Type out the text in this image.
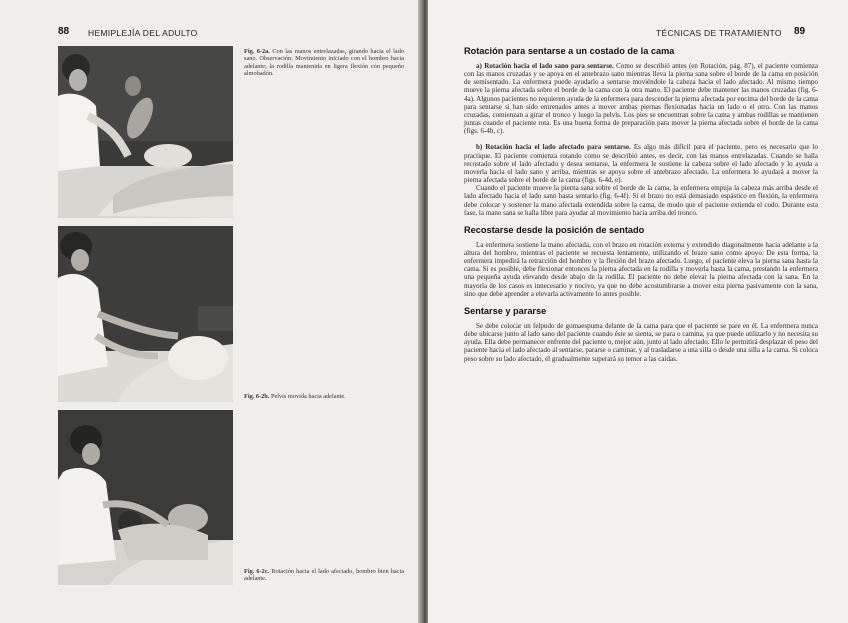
88 HEMIPLEJÍA DEL ADULTO
Fig. 6-2a. Con las manos entrelazadas, girando hacia el lado sano. Observación: Movimiento iniciado con el hombro hacia adelante; la rodilla mantenida en ligera flexión con pequeño almohadón.
Fig. 6-2b. Pelvis movida hacia adelante.
Fig. 6-2c. Rotación hacia el lado afectado, hombro bien hacia adelante.
TÉCNICAS DE TRATAMIENTO 89
Rotación para sentarse a un costado de la cama

a) Rotación hacia el lado sano para sentarse. Como se describió antes (en Rotación, pág. 87), el paciente comienza con las manos cruzadas y se apoya en el antebrazo sano mientras lleva la pierna sana sobre el borde de la cama en posición de semisentado. La enfermera puede ayudarlo a sentarse moviéndole la cabeza hacia el lado afectado. Al mismo tiempo mueve la pierna afectada sobre el borde de la cama con la otra mano. El paciente debe mantener las manos cruzadas (fig. 6-4a). Algunos pacientes no requieren ayuda de la enfermera para descender la pierna afectada por encima del borde de la cama para sentarse si han sido entrenados antes a mover ambas piernas flexionadas hacia un lado o el otro. Con las manos cruzadas, comienzan a girar el tronco y luego la pelvis. Los pies se encuentran sobre la cama y ambas rodillas se mantienen juntas cuando el paciente rota. Es una buena forma de preparación para mover la pierna afectada sobre el borde de la cama (figs. 6-4b, c).

b) Rotación hacia el lado afectado para sentarse. Es algo más difícil para el paciente, pero es necesario que lo practique. El paciente comienza rotando como se describió antes, es decir, con las manos entrelazadas. Cuando se halla recostado sobre el lado afectado y desea sentarse, la enfermera le sostiene la cabeza sobre el lado afectado y lo ayuda a moverla hacia el lado sano y arriba, mientras se apoya sobre el antebrazo afectado. La enfermera lo ayudará a mover la pierna afectada sobre el borde de la cama (figs. 6-4d, e).

Cuando el paciente mueve la pierna sana sobre el borde de la cama, la enfermera empuja la cabeza más arriba desde el lado afectado hacia el lado sano hasta sentarlo (fig. 6-4f). Si el brazo no está demasiado espástico en flexión, la enfermera debe colocar y sostener la mano afectada extendida sobre la cama, de modo que el paciente extienda el codo. Durante esta fase, la mano sana se halla libre para ayudar al movimiento hacia arriba del tronco.

Recostarse desde la posición de sentado

La enfermera sostiene la mano afectada, con el brazo en rotación externa y extendido diagonalmente hacia adelante a la altura del hombro, mientras el paciente se recuesta lentamente, utilizando el brazo sano como apoyo. De esta forma, la enfermera impedirá la retracción del hombro y la flexión del brazo afectado. Luego, el paciente eleva la pierna sana hasta la cama. Si es posible, debe flexionar entonces la pierna afectada en la rodilla y moverla hasta la cama, prestando la enfermera una pequeña ayuda elevando desde abajo de la rodilla. El paciente no debe elevar la pierna afectada con la sana. En la mayoría de los casos es innecesario y nocivo, ya que no debe acostumbrarse a mover esta pierna pasivamente con la sana, sino que debe aprender a elevarla activamente lo antes posible.

Sentarse y pararse

Se debe colocar un felpudo de gomaespuma delante de la cama para que el paciente se pare en él. La enfermera nunca debe ubicarse junto al lado sano del paciente cuando éste se sienta, se para o camina, ya que puede utilizarlo y no necesita su ayuda. Ella debe permanecer enfrente del paciente o, mejor aún, junto al lado afectado. Ello le permitirá desplazar el peso del paciente hacia el lado afectado al sentarse, pararse o caminar, y al trasladarse a una silla o desde una silla a la cama. Si coloca peso sobre su lado afectado, él gradualmente superará su temor a las caídas.
